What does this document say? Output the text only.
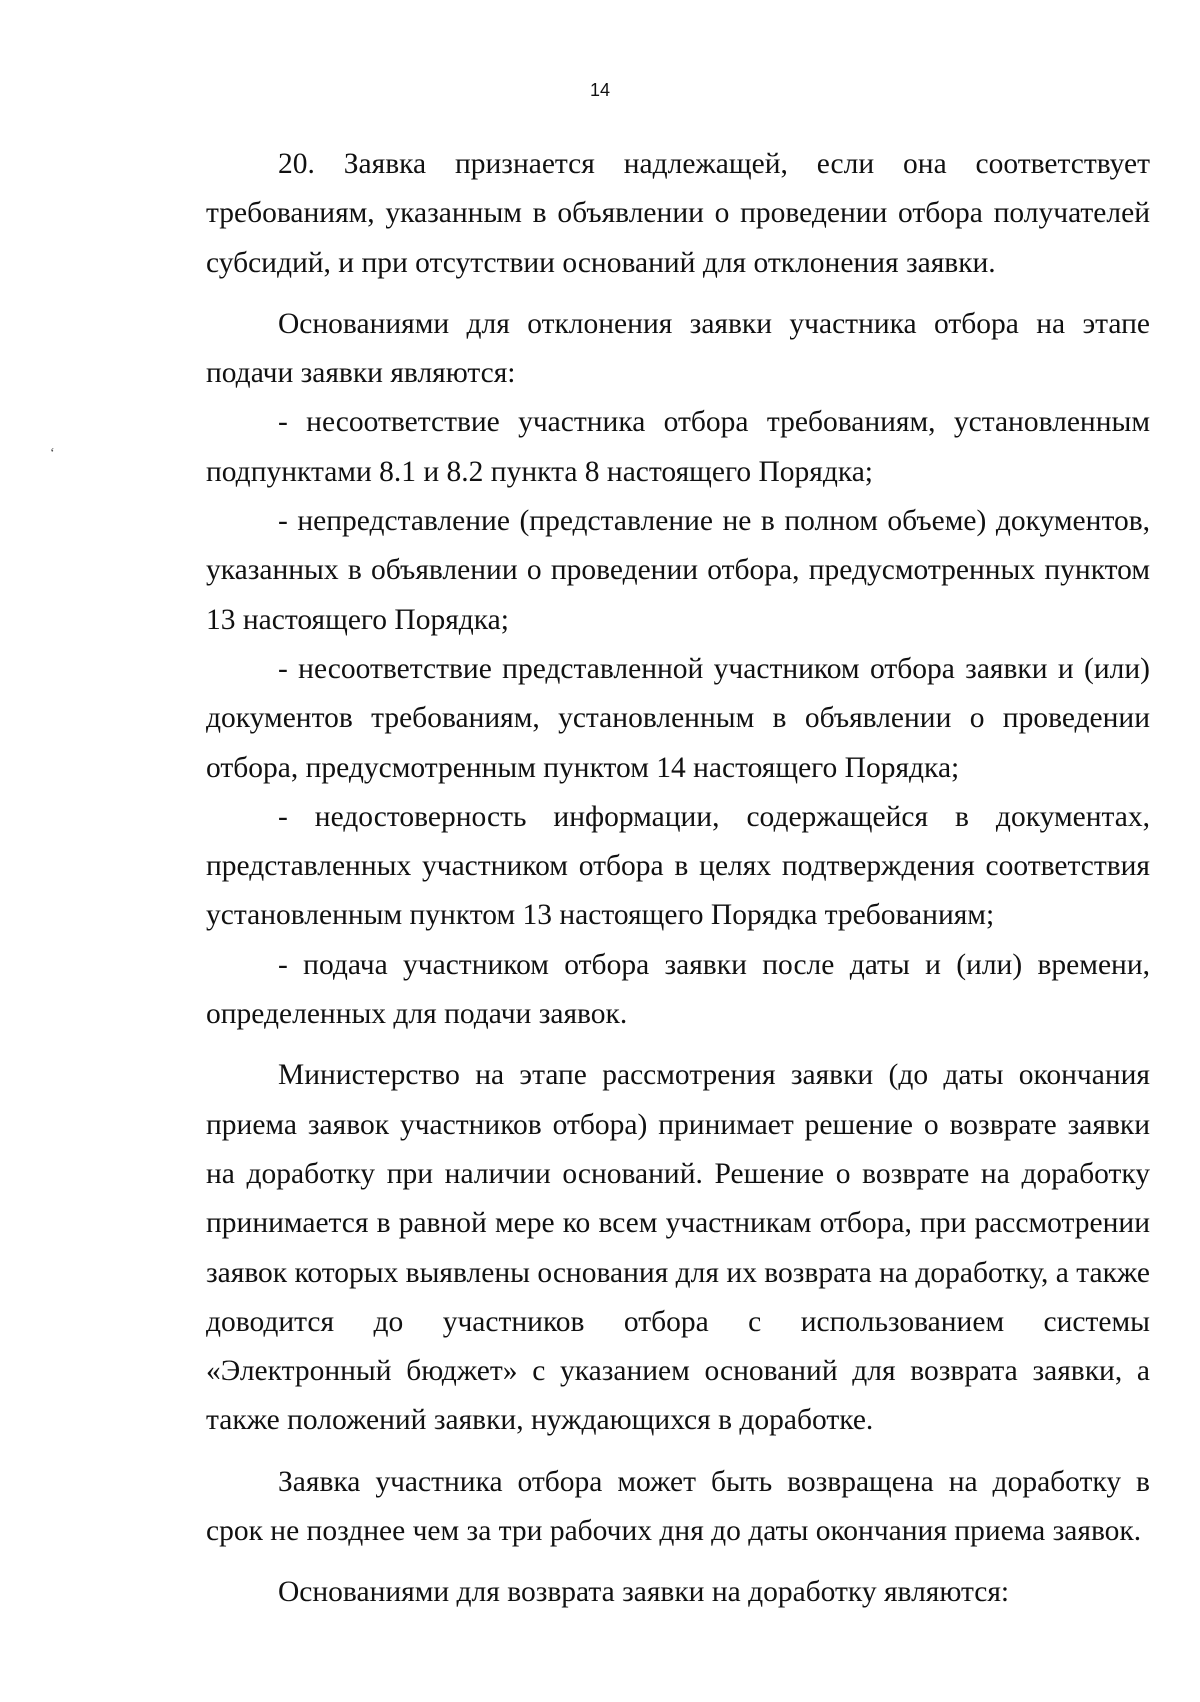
14
‘

20. Заявка признается надлежащей, если она соответствует требованиям, указанным в объявлении о проведении отбора получателей субсидий, и при отсутствии оснований для отклонения заявки.

Основаниями для отклонения заявки участника отбора на этапе подачи заявки являются:

- несоответствие участника отбора требованиям, установленным подпунктами 8.1 и 8.2 пункта 8 настоящего Порядка;

- непредставление (представление не в полном объеме) документов, указанных в объявлении о проведении отбора, предусмотренных пунктом 13 настоящего Порядка;

- несоответствие представленной участником отбора заявки и (или) документов требованиям, установленным в объявлении о проведении отбора, предусмотренным пунктом 14 настоящего Порядка;

- недостоверность информации, содержащейся в документах, представленных участником отбора в целях подтверждения соответствия установленным пунктом 13 настоящего Порядка требованиям;

- подача участником отбора заявки после даты и (или) времени, определенных для подачи заявок.

Министерство на этапе рассмотрения заявки (до даты окончания приема заявок участников отбора) принимает решение о возврате заявки на доработку при наличии оснований. Решение о возврате на доработку принимается в равной мере ко всем участникам отбора, при рассмотрении заявок которых выявлены основания для их возврата на доработку, а также доводится до участников отбора с использованием системы «Электронный бюджет» с указанием оснований для возврата заявки, а также положений заявки, нуждающихся в доработке.

Заявка участника отбора может быть возвращена на доработку в срок не позднее чем за три рабочих дня до даты окончания приема заявок.

Основаниями для возврата заявки на доработку являются:
